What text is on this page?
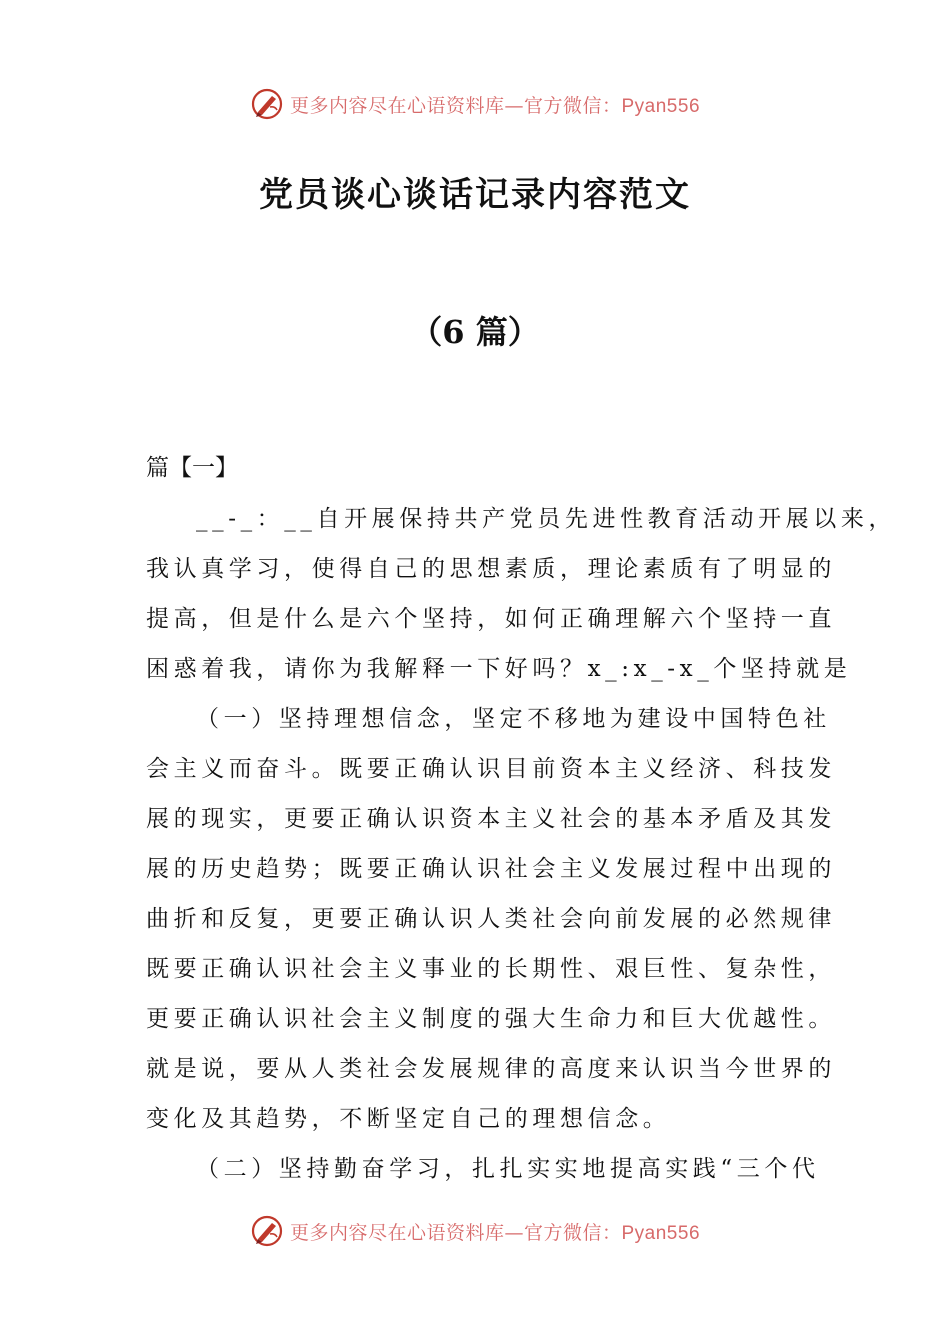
更多内容尽在心语资料库—官方微信：Pyan556
党员谈心谈话记录内容范文
（6 篇）
篇【一】
__-_：__自开展保持共产党员先进性教育活动开展以来，
我认真学习，使得自己的思想素质，理论素质有了明显的
提高，但是什么是六个坚持，如何正确理解六个坚持一直
困惑着我，请你为我解释一下好吗？x_:x_-x_个坚持就是
（一）坚持理想信念，坚定不移地为建设中国特色社
会主义而奋斗。既要正确认识目前资本主义经济、科技发
展的现实，更要正确认识资本主义社会的基本矛盾及其发
展的历史趋势；既要正确认识社会主义发展过程中出现的
曲折和反复，更要正确认识人类社会向前发展的必然规律
既要正确认识社会主义事业的长期性、艰巨性、复杂性，
更要正确认识社会主义制度的强大生命力和巨大优越性。
就是说，要从人类社会发展规律的高度来认识当今世界的
变化及其趋势，不断坚定自己的理想信念。
（二）坚持勤奋学习，扎扎实实地提高实践“三个代
更多内容尽在心语资料库—官方微信：Pyan556
